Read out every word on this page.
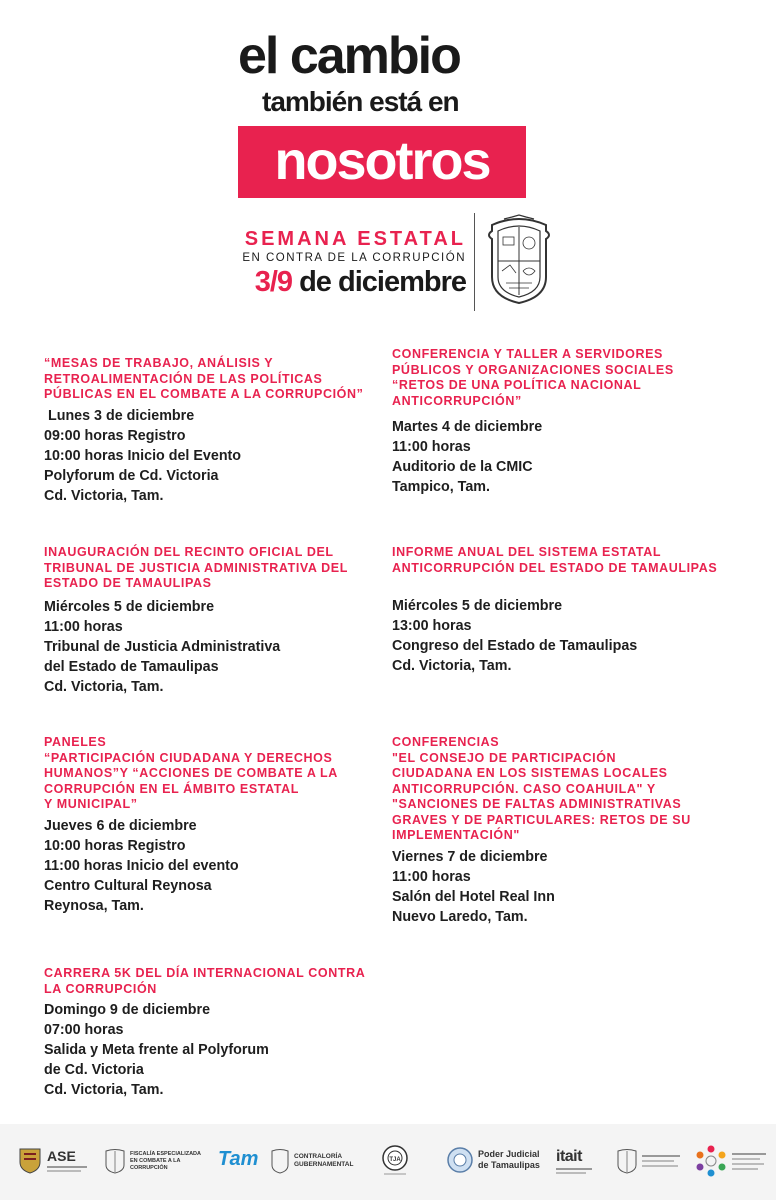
el cambio
también está en
nosotros
SEMANA ESTATAL
EN CONTRA DE LA CORRUPCIÓN
3/9 de diciembre
“MESAS DE TRABAJO, ANÁLISIS Y
RETROALIMENTACIÓN DE LAS POLÍTICAS
PÚBLICAS EN EL COMBATE A LA CORRUPCIÓN”
Lunes 3 de diciembre
09:00 horas Registro
10:00 horas Inicio del Evento
Polyforum de Cd. Victoria
Cd. Victoria, Tam.
CONFERENCIA Y TALLER A SERVIDORES
PÚBLICOS Y ORGANIZACIONES SOCIALES
“RETOS DE UNA POLÍTICA NACIONAL
ANTICORRUPCIÓN”
Martes 4 de diciembre
11:00 horas
Auditorio de la CMIC
Tampico, Tam.
INAUGURACIÓN DEL RECINTO OFICIAL DEL
TRIBUNAL DE JUSTICIA ADMINISTRATIVA DEL
ESTADO DE TAMAULIPAS
Miércoles 5 de diciembre
11:00 horas
Tribunal de Justicia Administrativa
del Estado de Tamaulipas
Cd. Victoria, Tam.
INFORME ANUAL DEL SISTEMA ESTATAL
ANTICORRUPCIÓN DEL ESTADO DE TAMAULIPAS
Miércoles 5 de diciembre
13:00 horas
Congreso del Estado de Tamaulipas
Cd. Victoria, Tam.
PANELES
“PARTICIPACIÓN CIUDADANA Y DERECHOS
HUMANOS”Y “ACCIONES DE COMBATE A LA
CORRUPCIÓN EN EL ÁMBITO ESTATAL
Y MUNICIPAL”
Jueves 6 de diciembre
10:00 horas Registro
11:00 horas Inicio del evento
Centro Cultural Reynosa
Reynosa, Tam.
CONFERENCIAS
"EL CONSEJO DE PARTICIPACIÓN
CIUDADANA EN LOS SISTEMAS LOCALES
ANTICORRUPCIÓN. CASO COAHUILA" Y
"SANCIONES DE FALTAS ADMINISTRATIVAS
GRAVES Y DE PARTICULARES: RETOS DE SU
IMPLEMENTACIÓN"
Viernes 7 de diciembre
11:00 horas
Salón del Hotel Real Inn
Nuevo Laredo, Tam.
CARRERA 5K DEL DÍA INTERNACIONAL CONTRA
LA CORRUPCIÓN
Domingo 9 de diciembre
07:00 horas
Salida y Meta frente al Polyforum
de Cd. Victoria
Cd. Victoria, Tam.
ASE	FISCALÍA ESPECIALIZADA EN COMBATE A LA CORRUPCIÓN	Tam	CONTRALORÍA GUBERNAMENTAL
TJA
Poder Judicial de Tamaulipas itait
